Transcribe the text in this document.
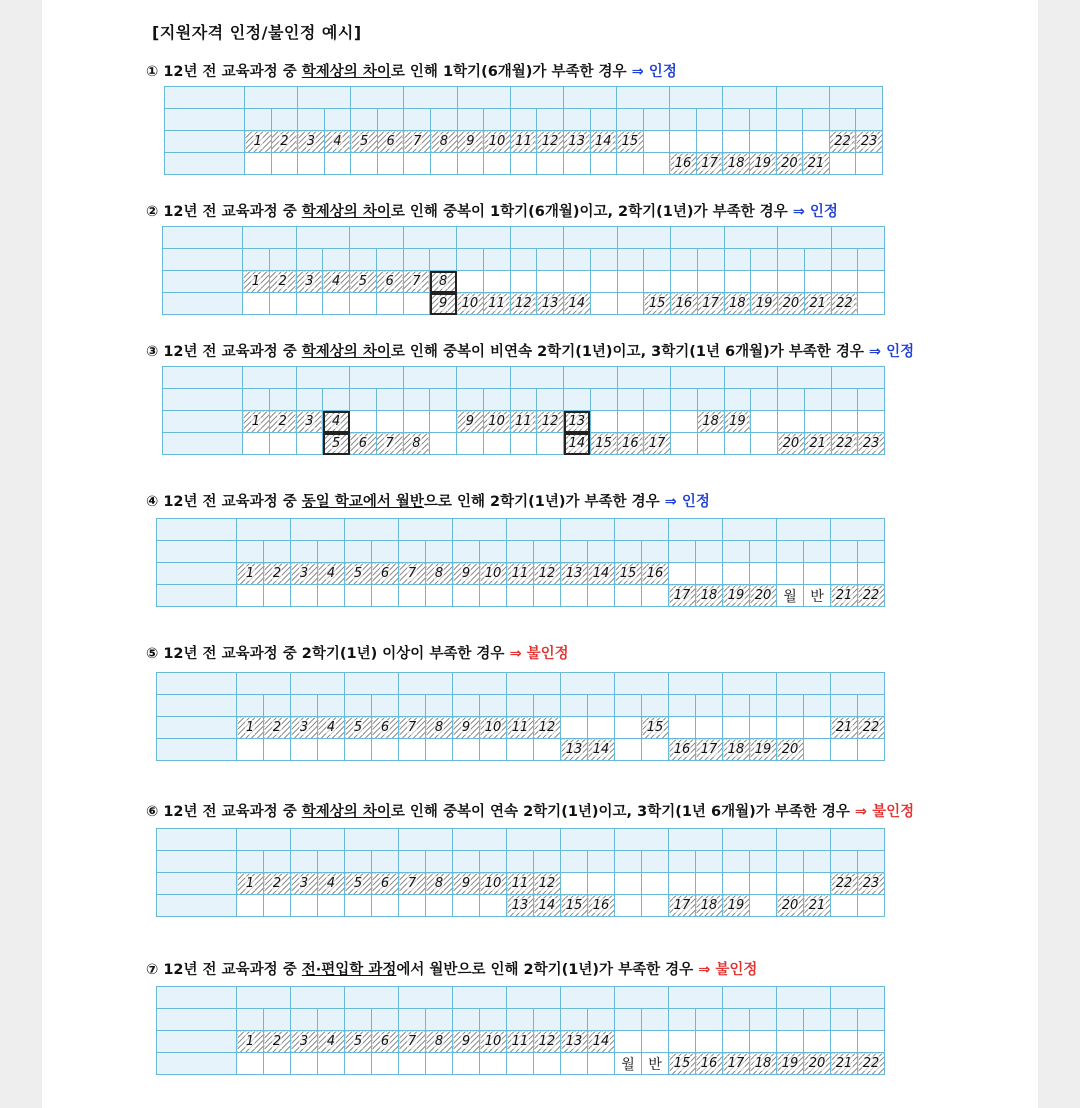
[지원자격 인정/불인정 예시]
① 12년 전 교육과정 중 학제상의 차이로 인해 1학기(6개월)가 부족한 경우 ⇒ 인정

	1	2	3	4	5	6	7	8	9	10	11	12	13	14	15								22	23
																	16	17	18	19	20	21		
② 12년 전 교육과정 중 학제상의 차이로 인해 중복이 1학기(6개월)이고, 2학기(1년)가 부족한 경우 ⇒ 인정

	1	2	3	4	5	6	7	8																
								9	10	11	12	13	14			15	16	17	18	19	20	21	22	
③ 12년 전 교육과정 중 학제상의 차이로 인해 중복이 비연속 2학기(1년)이고, 3학기(1년 6개월)가 부족한 경우 ⇒ 인정

	1	2	3	4					9	10	11	12	13					18	19					
				5	6	7	8						14	15	16	17					20	21	22	23
④ 12년 전 교육과정 중 동일 학교에서 월반으로 인해 2학기(1년)가 부족한 경우 ⇒ 인정

	1	2	3	4	5	6	7	8	9	10	11	12	13	14	15	16								
																	17	18	19	20	월	반	21	22
⑤ 12년 전 교육과정 중 2학기(1년) 이상이 부족한 경우 ⇒ 불인정

	1	2	3	4	5	6	7	8	9	10	11	12				15							21	22
													13	14			16	17	18	19	20			
⑥ 12년 전 교육과정 중 학제상의 차이로 인해 중복이 연속 2학기(1년)이고, 3학기(1년 6개월)가 부족한 경우 ⇒ 불인정

	1	2	3	4	5	6	7	8	9	10	11	12											22	23
											13	14	15	16			17	18	19		20	21		
⑦ 12년 전 교육과정 중 전·편입학 과정에서 월반으로 인해 2학기(1년)가 부족한 경우 ⇒ 불인정

	1	2	3	4	5	6	7	8	9	10	11	12	13	14										
															월	반	15	16	17	18	19	20	21	22
